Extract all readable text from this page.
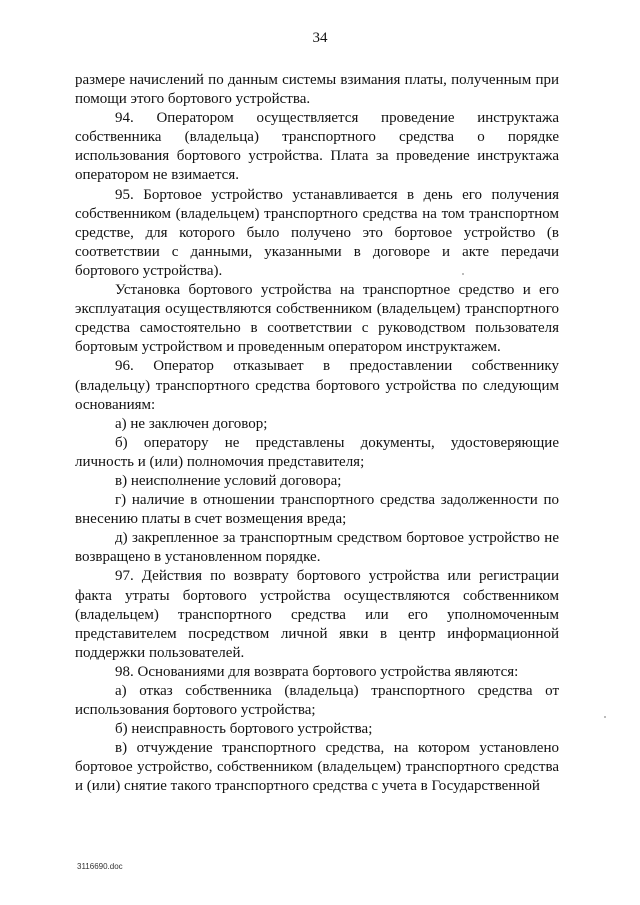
34

размере начислений по данным системы взимания платы, полученным при помощи этого бортового устройства.

94. Оператором осуществляется проведение инструктажа собственника (владельца) транспортного средства о порядке использования бортового устройства. Плата за проведение инструктажа оператором не взимается.

95. Бортовое устройство устанавливается в день его получения собственником (владельцем) транспортного средства на том транспортном средстве, для которого было получено это бортовое устройство (в соответствии с данными, указанными в договоре и акте передачи бортового устройства).

Установка бортового устройства на транспортное средство и его эксплуатация осуществляются собственником (владельцем) транспортного средства самостоятельно в соответствии с руководством пользователя бортовым устройством и проведенным оператором инструктажем.

96. Оператор отказывает в предоставлении собственнику (владельцу) транспортного средства бортового устройства по следующим основаниям:

а) не заключен договор;

б) оператору не представлены документы, удостоверяющие личность и (или) полномочия представителя;

в) неисполнение условий договора;

г) наличие в отношении транспортного средства задолженности по внесению платы в счет возмещения вреда;

д) закрепленное за транспортным средством бортовое устройство не возвращено в установленном порядке.

97. Действия по возврату бортового устройства или регистрации факта утраты бортового устройства осуществляются собственником (владельцем) транспортного средства или его уполномоченным представителем посредством личной явки в центр информационной поддержки пользователей.

98. Основаниями для возврата бортового устройства являются:

а) отказ собственника (владельца) транспортного средства от использования бортового устройства;

б) неисправность бортового устройства;

в) отчуждение транспортного средства, на котором установлено бортовое устройство, собственником (владельцем) транспортного средства и (или) снятие такого транспортного средства с учета в Государственной

3116690.doc
